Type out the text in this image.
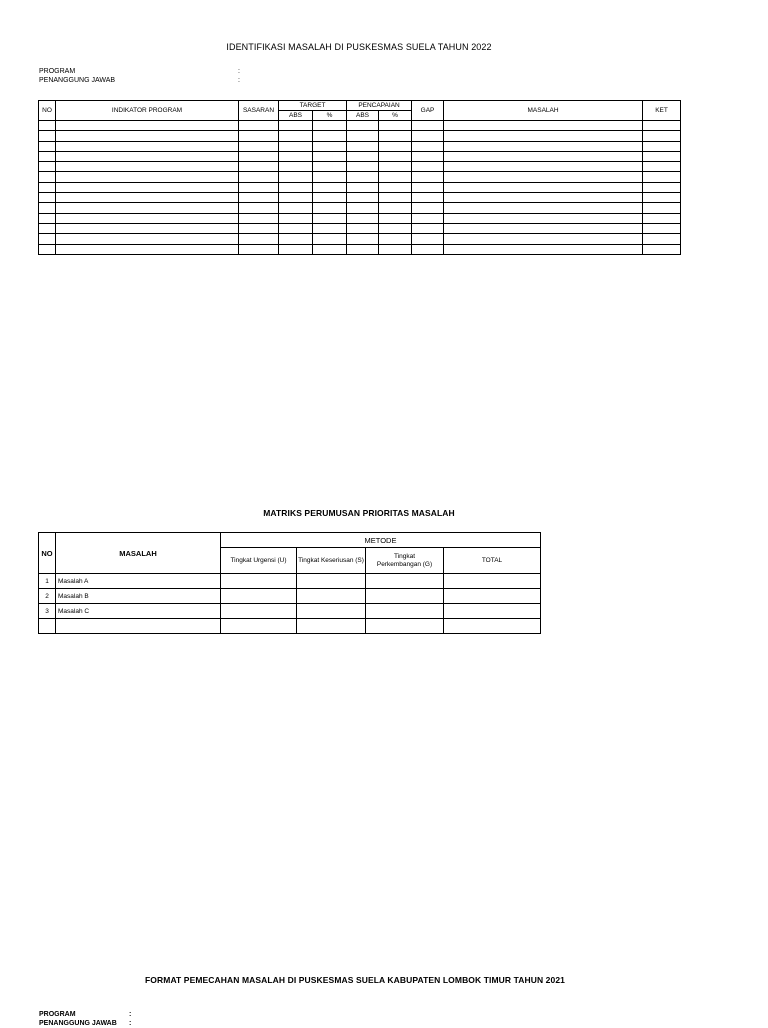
IDENTIFIKASI MASALAH DI PUSKESMAS SUELA TAHUN 2022
PROGRAM	:
PENANGGUNG JAWAB	:
NO	INDIKATOR PROGRAM	SASARAN	TARGET		PENCAPAIAN		GAP	MASALAH	KET
			ABS	%	ABS	%			

MATRIKS PERUMUSAN PRIORITAS MASALAH
NO	MASALAH	METODE			
		Tingkat Urgensi (U)	Tingkat Keseriusan (S)	Tingkat Perkembangan (G)	TOTAL
1	Masalah A				
2	Masalah B				
3	Masalah C				

FORMAT PEMECAHAN MASALAH DI PUSKESMAS SUELA KABUPATEN LOMBOK TIMUR TAHUN 2021
PROGRAM	:
PENANGGUNG JAWAB :
